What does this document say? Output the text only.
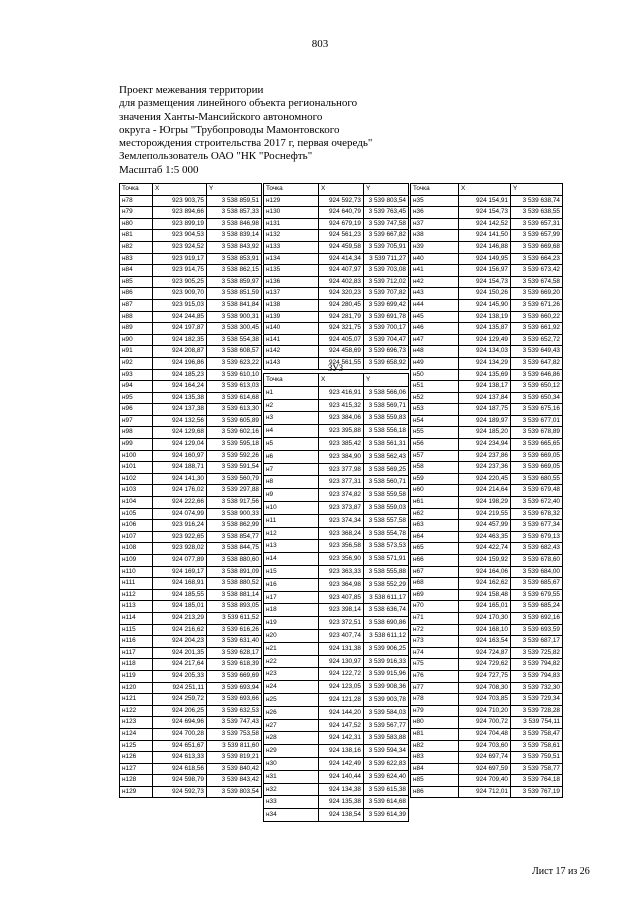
803
Проект межевания территории
для размещения линейного объекта регионального
значения Ханты-Мансийского автономного
округа - Югры "Трубопроводы Мамонтовского
месторождения строительства 2017 г, первая очередь"
Землепользователь ОАО "НК "Роснефть"
Масштаб 1:5 000
Точка	X	Y
н78	923 903,75	3 538 859,51
н79	923 894,66	3 538 857,33
н80	923 899,19	3 538 846,98
н81	923 904,53	3 538 839,14
н82	923 924,52	3 538 843,92
н83	923 919,17	3 538 853,91
н84	923 914,75	3 538 862,15
н85	923 905,25	3 538 859,97
н86	923 909,70	3 538 851,59
н87	923 915,03	3 538 841,84
н88	924 244,85	3 538 900,31
н89	924 197,87	3 538 300,45
н90	924 182,35	3 538 554,38
н91	924 208,87	3 538 608,57
н92	924 196,86	3 539 623,22
н93	924 185,23	3 539 610,10
н94	924 164,24	3 539 613,03
н95	924 135,38	3 539 614,68
н96	924 137,38	3 539 613,30
н97	924 132,56	3 539 605,89
н98	924 129,68	3 539 602,16
н99	924 129,04	3 539 595,18
н100	924 160,97	3 539 592,26
н101	924 188,71	3 539 591,54
н102	924 141,30	3 539 560,79
н103	924 176,02	3 539 297,88
н104	924 222,66	3 538 917,56
н105	924 074,99	3 538 900,33
н106	923 916,24	3 538 862,99
н107	923 922,65	3 538 854,77
н108	923 928,02	3 538 844,75
н109	924 077,89	3 538 880,60
н110	924 169,17	3 538 891,09
н111	924 168,91	3 538 880,52
н112	924 185,55	3 538 881,14
н113	924 185,01	3 538 893,05
н114	924 213,29	3 539 611,52
н115	924 216,62	3 539 616,26
н116	924 204,23	3 539 631,40
н117	924 201,35	3 539 628,17
н118	924 217,64	3 539 618,39
н119	924 205,33	3 539 669,69
н120	924 251,11	3 539 693,94
н121	924 259,72	3 539 693,66
н122	924 206,25	3 539 632,53
н123	924 694,96	3 539 747,43
н124	924 700,28	3 539 753,58
н125	924 651,67	3 539 811,60
н126	924 613,33	3 539 819,21
н127	924 618,56	3 539 840,42
н128	924 598,79	3 539 843,42
н129	924 592,73	3 539 803,54
Точка	X	Y
н129	924 592,73	3 539 803,54
н130	924 640,79	3 539 763,45
н131	924 679,19	3 539 747,58
н132	924 561,23	3 539 667,82
н133	924 459,58	3 539 705,91
н134	924 414,34	3 539 711,27
н135	924 407,97	3 539 703,08
н136	924 402,83	3 539 712,02
н137	924 320,23	3 539 707,82
н138	924 280,45	3 539 699,42
н139	924 281,79	3 539 691,78
н140	924 321,75	3 539 700,17
н141	924 405,07	3 539 704,47
н142	924 458,69	3 539 696,73
н143	924 561,55	3 539 658,92
ЗУ3
Точка	X	Y
н1	923 416,91	3 538 566,06
н2	923 415,32	3 538 569,71
н3	923 384,06	3 538 559,83
н4	923 395,88	3 538 556,18
н5	923 385,42	3 538 561,31
н6	923 384,90	3 538 562,43
н7	923 377,98	3 538 569,25
н8	923 377,31	3 538 560,71
н9	923 374,82	3 538 559,58
н10	923 373,87	3 538 559,03
н11	923 374,34	3 538 557,58
н12	923 368,24	3 538 554,78
н13	923 356,58	3 538 573,53
н14	923 356,90	3 538 571,91
н15	923 363,33	3 538 555,88
н16	923 364,98	3 538 552,29
н17	923 407,85	3 538 611,17
н18	923 398,14	3 538 636,74
н19	923 372,51	3 538 690,86
н20	923 407,74	3 538 611,12
н21	924 131,38	3 539 906,25
н22	924 130,97	3 539 916,33
н23	924 122,72	3 539 915,96
н24	924 123,05	3 539 908,36
н25	924 121,28	3 539 903,78
н26	924 144,20	3 539 584,03
н27	924 147,52	3 539 567,77
н28	924 142,31	3 539 583,88
н29	924 138,16	3 539 594,34
н30	924 142,49	3 539 622,83
н31	924 140,44	3 539 624,40
н32	924 134,38	3 539 615,38
н33	924 135,38	3 539 614,68
н34	924 138,54	3 539 614,39
Точка	X	Y
н35	924 154,91	3 539 638,74
н36	924 154,73	3 539 638,55
н37	924 142,52	3 539 657,31
н38	924 141,50	3 539 657,99
н39	924 146,88	3 539 669,68
н40	924 149,95	3 539 664,23
н41	924 156,97	3 539 673,42
н42	924 154,73	3 539 674,58
н43	924 150,26	3 539 669,20
н44	924 145,90	3 539 671,26
н45	924 138,19	3 539 660,22
н46	924 135,87	3 539 661,92
н47	924 129,49	3 539 652,72
н48	924 134,03	3 539 649,43
н49	924 134,29	3 539 647,82
н50	924 135,69	3 539 646,86
н51	924 138,17	3 539 650,12
н52	924 137,84	3 539 650,34
н53	924 187,75	3 539 675,16
н54	924 189,97	3 539 677,01
н55	924 185,20	3 539 678,89
н56	924 234,94	3 539 665,65
н57	924 237,86	3 539 669,05
н58	924 237,36	3 539 669,05
н59	924 220,45	3 539 680,55
н60	924 214,64	3 539 679,48
н61	924 198,29	3 539 672,40
н62	924 219,55	3 539 678,32
н63	924 457,99	3 539 677,34
н64	924 463,35	3 539 679,13
н65	924 422,74	3 539 682,43
н66	924 159,92	3 539 678,60
н67	924 164,06	3 539 684,00
н68	924 162,62	3 539 685,67
н69	924 158,48	3 539 679,55
н70	924 165,01	3 539 685,24
н71	924 170,30	3 539 692,16
н72	924 168,10	3 539 693,59
н73	924 163,54	3 539 687,17
н74	924 724,87	3 539 725,82
н75	924 729,62	3 539 794,82
н76	924 727,75	3 539 794,83
н77	924 708,30	3 539 732,30
н78	924 703,85	3 539 729,34
н79	924 710,20	3 539 728,28
н80	924 700,72	3 539 754,11
н81	924 704,48	3 539 758,47
н82	924 703,60	3 539 758,61
н83	924 697,74	3 539 759,51
н84	924 697,59	3 539 758,77
н85	924 709,40	3 539 764,18
н86	924 712,01	3 539 767,19
Лист 17 из 26
